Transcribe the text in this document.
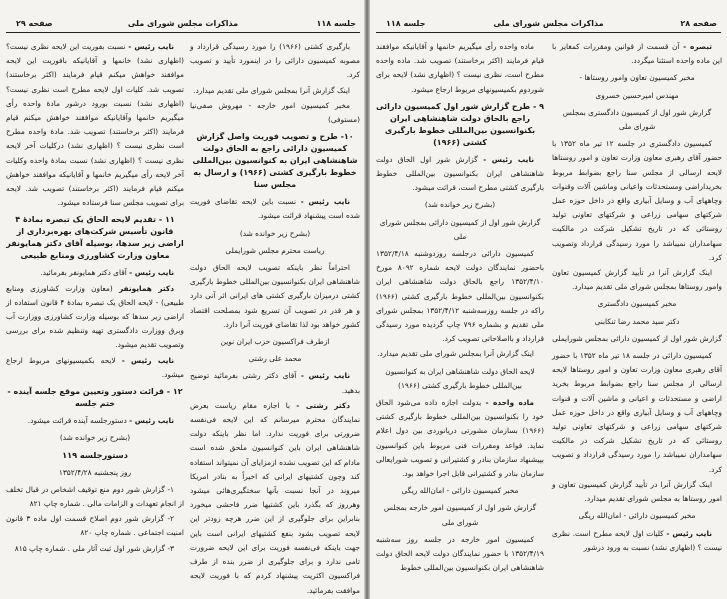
جلسه ۱۱۸
مذاکرات مجلس شورای ملی
صفحه ۲۹

بارگیری کشتی (۱۹۶۶) را مورد رسیدگی قرارداد و مصوبه کمیسیون دارائی را در اینمورد تأیید و تصویب کرد.

اینک گزارش آنرا بمجلس شورای ملی تقدیم میدارد.

مخبر کمیسیون امور خارجه - مهروش صفی‌نیا (مستوفی)

۱۰- طرح و تصویب فوریت واصل گزارش کمیسیون دارائی راجع به الحاق دولت شاهنشاهی ایران به کنوانسیون بین‌المللی خطوط بارگیری کشتی (۱۹۶۶) و ارسال به مجلس سنا

نایب رئیس - نسبت باین لایحه تقاضای فوریت شده است پیشنهاد قرائت میشود.

(بشرح زیر خوانده شد)

ریاست محترم مجلس شورایملی

احتراماً نظر باینکه تصویب لایحه الحاق دولت شاهنشاهی ایران بکنوانسیون بین‌المللی خطوط بارگیری کشتی درمیزان بارگیری کشتی های ایرانی اثر آنی دارد و هر قدر در تصویب آن تسریع شود بمصلحت اقتصاد کشور خواهد بود لذا تقاضای فوریت آنرا دارد.

ازطرف فراکسیون حزب ایران نوین

محمد علی رشتی

نایب رئیس - آقای دکتر رشتی بفرمائید توضیح بدهید.

دکتر رشتی - با اجازه مقام ریاست بعرض نمایندگان محترم میرسانم که این لایحه فی‌نفسه ضرورتی برای فوریت ندارد. اما نظر باینکه دولت شاهنشاهی ایران باین کنوانسیون ملحق شده است مادام که این تصویب نشده ازمزایای آن نمیتواند استفاده کند وچون کشتیهای ایرانی که اخیراً به بنادر امریکا میروند در آنجا نسبت بآنها سختگیری‌هائی میشود وهرروز که بگذرد باین کشتیها ضرر فاحشی میخورد بنابراین برای جلوگیری از این ضرر هرچه زودتر این لایحه تصویب بشود بنفع کشتیهای ایرانی است باین جهت باینکه فی‌نفسه فوریت برای این لایحه ضرورت تامی ندارد و برای جلوگیری از ضرر بنده از طرف فراکسیون اکثریت پیشنهاد کردم که با فوریت لایحه موافقت بفرمائید.

نایب رئیس - نسبت بفوریت این لایحه نظری نیست؟ (اظهاری نشد) خانمها و آقایانیکه بافوریت این لایحه موافقند خواهش میکنم قیام فرمایند (اکثر برخاستند) تصویب شد. کلیات اول لایحه مطرح است نظری نیست؟ (اظهاری نشد) نسبت بورود درشور مادهٔ واحده رأی میگیریم خانمها وآقایانیکه موافقند خواهش میکنم قیام فرمایند (اکثر برخاستند) تصویب شد. مادهٔ واحده مطرح است نظری نیست ؟ (اظهاری نشد) درکلیات آخر لایحه نظری نیست ؟ (اظهاری نشد) نسبت بمادهٔ واحده وکلیات آخر لایحه رأی میگیریم خانمها و آقایانیکه موافقند خواهش میکنم قیام فرمایند (اکثر برخاستند) تصویب شد. لایحه برای تصویب مجلس سنا فرستاده میشود.

۱۱ - تقدیم لایحه الحاق یک تبصره بمادهٔ ۴ قانون تأسیس شرکت‌های بهره‌برداری از اراضی زیر سدها، بوسیله آقای دکتر همایونفر معاون وزارت کشاورزی ومنابع طبیعی

نایب رئیس - آقای دکتر همایونفر بفرمائید.

دکتر همایونفر (معاون وزارت کشاورزی ومنابع طبیعی) - لایحه الحاق یک تبصره بمادهٔ ۴ قانون استفاده از اراضی زیر سدها که بوسیله وزارت کشاورزی ووزارت آب وبرق ووزارت دادگستری تهیه وتنظیم شده برای بررسی وتصویب تقدیم میشود.

نایب رئیس - لایحه بکمیسیونهای مربوط ارجاع میشود.

۱۲ - قرائت دستور وتعیین موقع جلسه آینده - ختم جلسه

نایب رئیس - دستورجلسه آینده قرائت میشود.

(بشرح زیر خوانده شد)

دستورجلسه ۱۱۹

روز پنجشنبه ۱۳۵۲/۴/۲۸

۱- گزارش شور دوم منع توقیف اشخاص در قبال تخلف از انجام تعهدات و الزامات مالی . شماره چاپ ۸۲۱

۲- گزارش شور دوم اصلاح قسمت اول ماده ۳ قانون امنیت اجتماعی . شماره چاپ ۸۲۰

۳- گزارش شور اول ثبت آثار ملی . شماره چاپ ۸۱۵

صفحه ۲۸
مذاکرات مجلس شورای ملی
جلسه ۱۱۸

تبصره - آن قسمت از قوانین ومقررات کمغایر با این ماده واحده استثنا میگردد.

مخبر کمیسیون تعاون وامور روستاها -

مهندس امیرحسین خسروی

گزارش شور اول از کمیسیون دادگستری بمجلس شورای ملی

کمیسیون دادگستری در جلسه ۱۲ تیر ماه ۱۳۵۲ با حضور آقای رهبری معاون وزارت تعاون و امور روستاها لایحه ارسالی از مجلس سنا راجع بضوابط مربوط بخریداراضی ومستحدثات واعیانی وماشین آلات وقنوات وچاههای آب و وسایل آبیاری واقع در داخل حوزه عمل شرکتهای سهامی زراعی و شرکتهای تعاونی تولید روستائی که در تاریخ تشکیل شرکت در مالکیت سهامداران نمیباشد را مورد رسیدگی قرارداد وتصویب کرد.

اینک گزارش آنرا در تأیید گزارش کمیسیون تعاون وامور روستاها بمجلس شورای ملی تقدیم میدارد.

مخبر کمیسیون دادگستری

دکتر سید محمد رضا تنکابنی

گزارش شور اول از کمیسیون دارائی بمجلس شورایملی

کمیسیون دارائی در جلسه ۱۸ تیر ماه ۱۳۵۲ با حضور آقای رهبری معاون وزارت تعاون و امور روستاها لایحه ارسالی از مجلس سنا راجع بضوابط مربوط بخرید اراضی و مستحدثات و اعیانی و ماشین آلات و قنوات وچاههای آب و وسایل آبیاری واقع در داخل حوزه عمل شرکتهای سهامی زراعی و شرکتهای تعاونی تولید روستائی که در تاریخ تشکیل شرکت در مالکیت سهامداران نمیباشد را مورد رسیدگی قرارداد و تصویب کرد.

اینک گزارش آنرا در تأیید گزارش کمیسیون تعاون و امور روستاها به مجلس شورای تقدیم میدارد.

مخبر کمیسیون دارائی - امان‌الله ریگی

نایب رئیس - کلیات اول لایحه مطرح است. نظری نیست ؟ (اظهاری نشد) نسبت به ورود درشور

ماده واحده رأی میگیریم خانمها و آقایانیکه موافقند قیام فرمایند (اکثر برخاستند) تصویب شد. ماده واحده مطرح است، نظری نیست ؟ (اظهاری نشد) لایحه برای شوردوم بکمیسیونهای مربوط ارجاع میشود.

۹ - طرح گزارش شور اول کمیسیون دارائی راجع بالحاق دولت شاهنشاهی ایران بکنوانسیون بین‌المللی خطوط بارگیری کشتی (۱۹۶۶)

نایب رئیس - گزارش شور اول الحاق دولت شاهنشاهی ایران بکنوانسیون بین‌المللی خطوط بارگیری کشتی مطرح است، قرائت میشود.

(بشرح زیر خوانده شد)

گزارش شور اول از کمیسیون دارائی بمجلس شورای ملی

کمیسیون دارائی درجلسه روزدوشنبه ۱۳۵۲/۴/۱۸ باحضور نمایندگان دولت لایحه شماره ۸۰۹۲ مورخ ۱۳۵۲/۴/۱۰ راجع بالحاق دولت شاهنشاهی ایران بکنوانسیون بین‌المللی خطوط بارگیری کشتی (۱۹۶۶) راکه در جلسه روزسه‌شنبه ۱۳۵۲/۴/۱۲ بمجلس شورای ملی تقدیم و بشماره ۷۹۶ چاپ گردیده مورد رسیدگی قرارداد و بااصلاحاتی تصویب کرد.

اینک گزارش آنرا بمجلس شورای ملی تقدیم میدارد.

لایحه الحاق دولت شاهنشاهی ایران به کنوانسیون بین‌المللی خطوط بارگیری کشتی (۱۹۶۶)

ماده واحده - بدولت اجازه داده می‌شود الحاق خود را بکنوانسیون بین‌المللی خطوط بارگیری کشتی (۱۹۶۶) بسازمان مشورتی دریانوردی بین دول اعلام نماید. قواعد ومقررات فنی مربوط باین کنوانسیون بپیشنهاد سازمان بنادر و کشتیرانی و تصویب شورایعالی سازمان بنادر و کشتیرانی قابل اجرا خواهد بود.

مخبر کمیسیون دارائی - امان‌الله ریگی

گزارش شور اول از کمیسیون امور خارجه بمجلس شورای ملی

کمیسیون امور خارجه در جلسه روز سه‌شنبه ۱۳۵۲/۴/۱۹ با حضور نمایندگان دولت لایحه الحاق دولت شاهنشاهی ایران بکنوانسیون بین‌المللی خطوط
